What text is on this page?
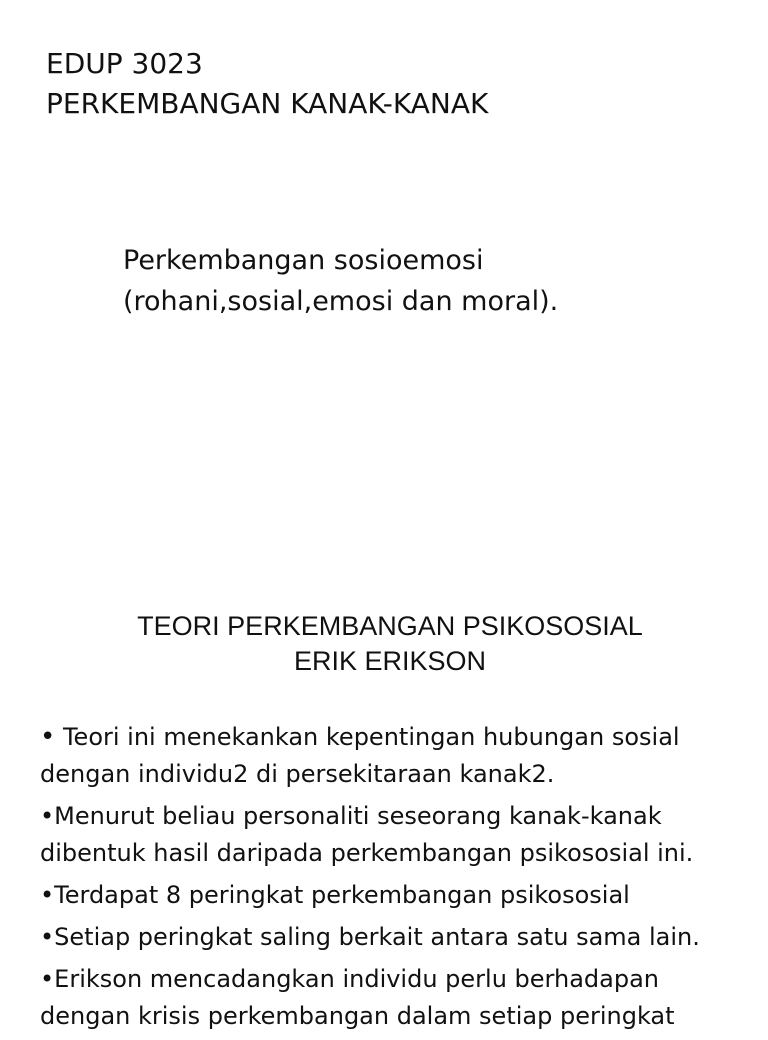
EDUP 3023
PERKEMBANGAN KANAK-KANAK
Perkembangan sosioemosi
(rohani,sosial,emosi dan moral).
TEORI PERKEMBANGAN PSIKOSOSIAL
ERIK ERIKSON
• Teori ini menekankan kepentingan hubungan sosial
dengan individu2 di persekitaraan kanak2.
•Menurut beliau personaliti seseorang kanak-kanak
dibentuk hasil daripada perkembangan psikososial ini.
•Terdapat 8 peringkat perkembangan psikososial
•Setiap peringkat saling berkait antara satu sama lain.
•Erikson mencadangkan individu perlu berhadapan
dengan krisis perkembangan dalam setiap peringkat
